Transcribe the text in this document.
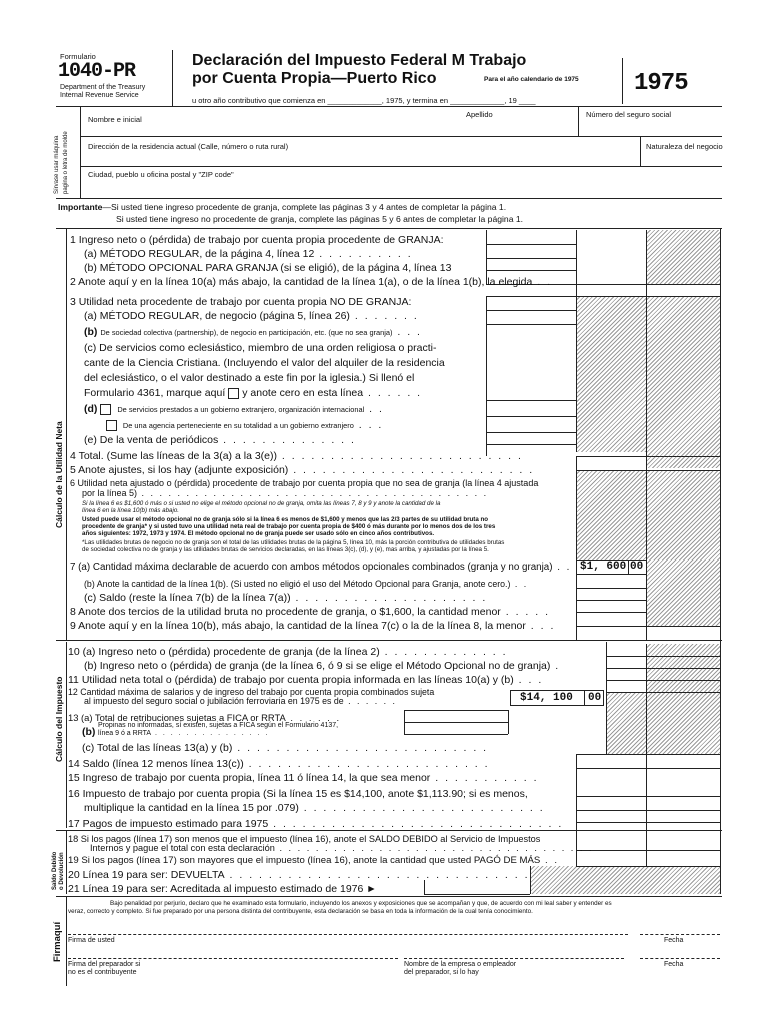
Formulario
1040-PR
Department of the Treasury
Internal Revenue Service
Declaración del Impuesto Federal M Trabajo
por Cuenta Propia—Puerto Rico	Para el año calendario de 1975 1975
u otro año contributivo que comienza en _____________, 1975, y termina en _____________, 19 ____
Sírvase usar máquina pagina o letra de molde
Nombre e inicial
Apellido	Número del seguro social
Dirección de la residencia actual (Calle, número o ruta rural)	Naturaleza del negocio
Ciudad, pueblo u oficina postal y "ZIP code"
Importante—Si usted tiene ingreso procedente de granja, complete las páginas 3 y 4 antes de completar la página 1.
Si usted tiene ingreso no procedente de granja, complete las páginas 5 y 6 antes de completar la página 1.
Cálculo de la Utilidad Neta
Cálculo del Impuesto
Saldo Debido o Devolución
Firmaquí
1 Ingreso neto o (pérdida) de trabajo por cuenta propia procedente de GRANJA:
(a) MÉTODO REGULAR, de la página 4, línea 12 . . . . . . . . . .
(b) MÉTODO OPCIONAL PARA GRANJA (si se eligió), de la página 4, línea 13
2 Anote aquí y en la línea 10(a) más abajo, la cantidad de la línea 1(a), o de la línea 1(b), la elegida . .
3 Utilidad neta procedente de trabajo por cuenta propia NO DE GRANJA:
(a) MÉTODO REGULAR, de negocio (página 5, línea 26) . . . . . . .
(b) De sociedad colectiva (partnership), de negocio en participación, etc. (que no sea granja) . . .
(c) De servicios como eclesiástico, miembro de una orden religiosa o practi-
cante de la Ciencia Cristiana. (Incluyendo el valor del alquiler de la residencia
del eclesiástico, o el valor destinado a este fin por la iglesia.) Si llenó el
Formulario 4361, marque aquí y anote cero en esta línea . . . . . .
(d)	De servicios prestados a un gobierno extranjero, organización internacional . .
De una agencia perteneciente en su totalidad a un gobierno extranjero . . .
(e) De la venta de periódicos . . . . . . . . . . . . . .
4 Total. (Sume las líneas de la 3(a) a la 3(e)) . . . . . . . . . . . . . . . . . . . . . . . . .
5 Anote ajustes, si los hay (adjunte exposición) . . . . . . . . . . . . . . . . . . . . . . . . .
6 Utilidad neta ajustado o (pérdida) procedente de trabajo por cuenta propia que no sea de granja (la línea 4 ajustada
por la línea 5) . . . . . . . . . . . . . . . . . . . . . . . . . . . . . . . . . . . . . . .
Si la línea 6 es $1,600 ó más o si usted no elige el método opcional no de granja, omita las líneas 7, 8 y 9 y anote la cantidad de la
línea 6 en la línea 10(b) más abajo.
Usted puede usar el método opcional no de granja sólo si la línea 6 es menos de $1,600 y menos que las 2/3 partes de su utilidad bruta no
procedente de granja* y si usted tuvo una utilidad neta real de trabajo por cuenta propia de $400 ó más durante por lo menos dos de los tres
años siguientes: 1972, 1973 y 1974. El método opcional no de granja puede ser usado sólo en cinco años contributivos.
*Las utilidades brutas de negocio no de granja son el total de las utilidades brutas de la página 5, línea 10, más la porción contributiva de utilidades brutas
de sociedad colectiva no de granja y las utilidades brutas de servicios declaradas, en las líneas 3(c), (d), y (e), mas arriba, y ajustadas por la línea 5.
7 (a) Cantidad máxima declarable de acuerdo con ambos métodos opcionales combinados (granja y no granja) . . $1, 600 00
(b) Anote la cantidad de la línea 1(b). (Si usted no eligió el uso del Método Opcional para Granja, anote cero.) . .
(c) Saldo (reste la línea 7(b) de la línea 7(a)) . . . . . . . . . . . . . . . . . . . .
8 Anote dos tercios de la utilidad bruta no procedente de granja, o $1,600, la cantidad menor . . . . .
9 Anote aquí y en la línea 10(b), más abajo, la cantidad de la línea 7(c) o la de la línea 8, la menor . . .
10 (a) Ingreso neto o (pérdida) procedente de granja (de la línea 2) . . . . . . . . . . . . .
(b) Ingreso neto o (pérdida) de granja (de la línea 6, ó 9 si se elige el Método Opcional no de granja) .
11 Utilidad neta total o (pérdida) de trabajo por cuenta propia informada en las líneas 10(a) y (b) . . .
12 Cantidad máxima de salarios y de ingreso del trabajo por cuenta propia combinados sujeta
al impuesto del seguro social o jubilación ferroviaria en 1975 es de . . . . . .	$14, 100 00
13 (a) Total de retribuciones sujetas a FICA or RRTA . . . . . .
Propinas no informadas, sí existen, sujetas a FICA según el Formulario 4137,
(b) línea 9 ó a RRTA . . . . . . . . . . . . . . .
(c) Total de las líneas 13(a) y (b) . . . . . . . . . . . . . . . . . . . . . . . . . .
14 Saldo (línea 12 menos línea 13(c)) . . . . . . . . . . . . . . . . . . . . . . . . .
15 Ingreso de trabajo por cuenta propia, línea 11 ó línea 14, la que sea menor . . . . . . . . . . .
16 Impuesto de trabajo por cuenta propia (Si la línea 15 es $14,100, anote $1,113.90; si es menos,
multiplique la cantidad en la línea 15 por .079) . . . . . . . . . . . . . . . . . . . . . . . . .
17 Pagos de impuesto estimado para 1975 . . . . . . . . . . . . . . . . . . . . . . . . . . . . . .
18 Si los pagos (línea 17) son menos que el impuesto (línea 16), anote el SALDO DEBIDO al Servicio de Impuestos
Internos y pague el total con esta declaración . . . . . . . . . . . . . . . . . . . . . . . . . . . . . . . . . . .
19 Si los pagos (línea 17) son mayores que el impuesto (línea 16), anote la cantidad que usted PAGÓ DE MÁS . .
20 Línea 19 para ser: DEVUELTA . . . . . . . . . . . . . . . . . . . . . . . . . . . . . . .
21 Línea 19 para ser: Acreditada al impuesto estimado de 1976 ►
Bajo penalidad por perjurio, declaro que he examinado esta formulario, incluyendo los anexos y exposiciones que se acompañan y que, de acuerdo con mi leal saber y entender es
veraz, correcto y completo. Si fue preparado por una persona distinta del contribuyente, esta declaración se basa en toda la información de la cual tenía conocimiento.
Firma de usted	Fecha
Firma del preparador si
no es el contribuyente
Nombre de la empresa o empleador
del preparador, si lo hay
Fecha
